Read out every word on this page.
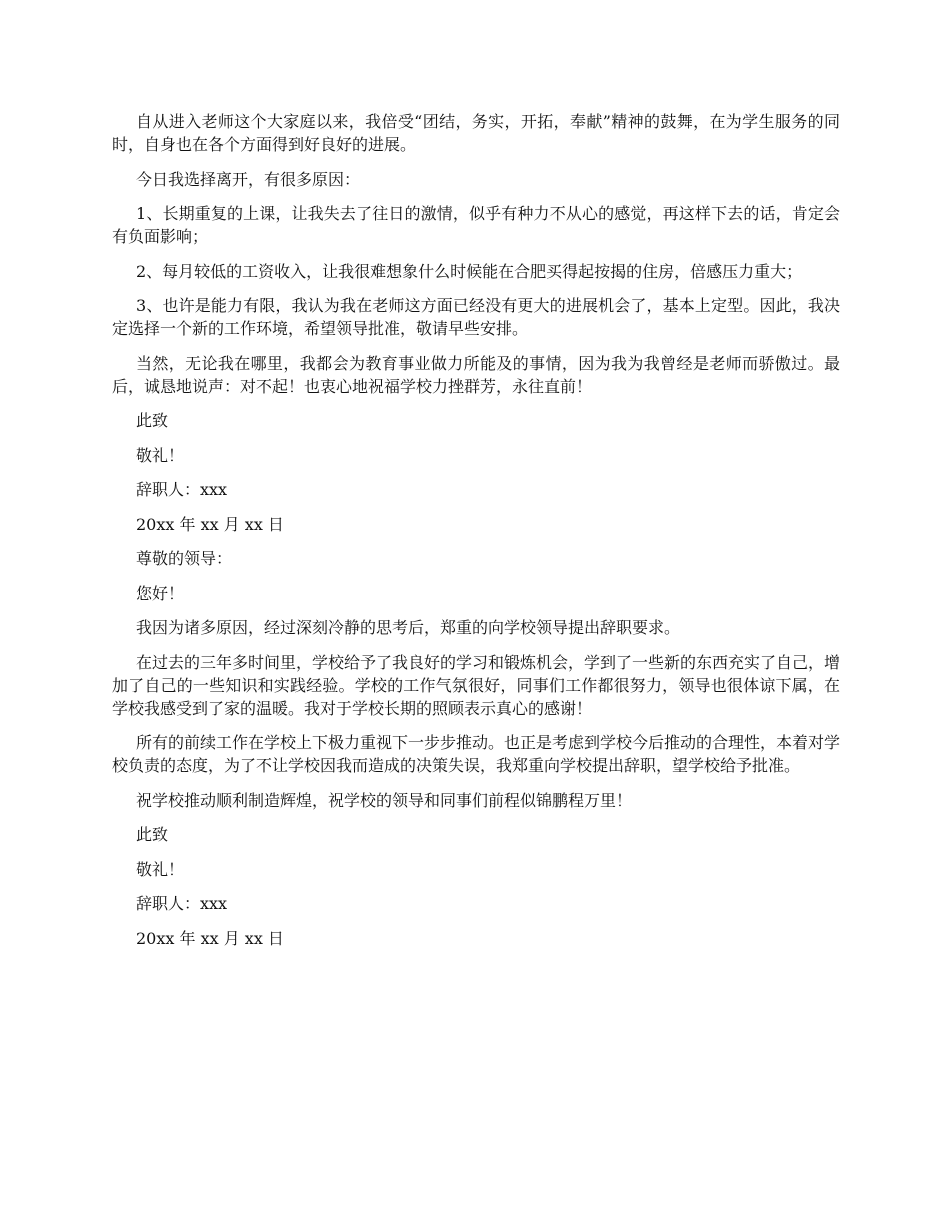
自从进入老师这个大家庭以来，我倍受“团结，务实，开拓，奉献”精神的鼓舞，在为学生服务的同时，自身也在各个方面得到好良好的进展。

今日我选择离开，有很多原因：

1、长期重复的上课，让我失去了往日的激情，似乎有种力不从心的感觉，再这样下去的话，肯定会有负面影响；

2、每月较低的工资收入，让我很难想象什么时候能在合肥买得起按揭的住房，倍感压力重大；

3、也许是能力有限，我认为我在老师这方面已经没有更大的进展机会了，基本上定型。因此，我决定选择一个新的工作环境，希望领导批准，敬请早些安排。

当然，无论我在哪里，我都会为教育事业做力所能及的事情，因为我为我曾经是老师而骄傲过。最后，诚恳地说声：对不起！也衷心地祝福学校力挫群芳，永往直前！

此致

敬礼！

辞职人：xxx

20xx 年 xx 月 xx 日

尊敬的领导：

您好！

我因为诸多原因，经过深刻冷静的思考后，郑重的向学校领导提出辞职要求。

在过去的三年多时间里，学校给予了我良好的学习和锻炼机会，学到了一些新的东西充实了自己，增加了自己的一些知识和实践经验。学校的工作气氛很好，同事们工作都很努力，领导也很体谅下属，在学校我感受到了家的温暖。我对于学校长期的照顾表示真心的感谢！

所有的前续工作在学校上下极力重视下一步步推动。也正是考虑到学校今后推动的合理性，本着对学校负责的态度，为了不让学校因我而造成的决策失误，我郑重向学校提出辞职，望学校给予批准。

祝学校推动顺利制造辉煌，祝学校的领导和同事们前程似锦鹏程万里！

此致

敬礼！

辞职人：xxx

20xx 年 xx 月 xx 日
